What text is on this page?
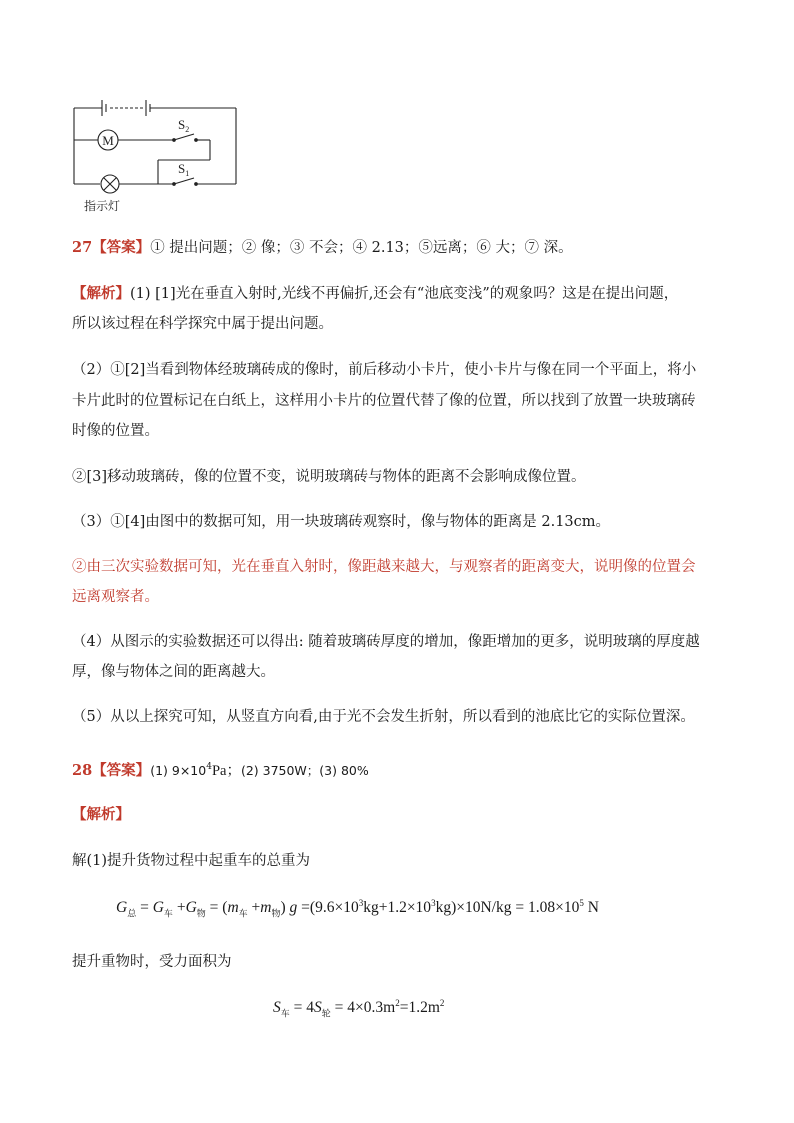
M
$S_2$
$S_1$
指示灯
27【答案】① 提出问题；② 像；③ 不会；④ 2.13；⑤远离；⑥ 大；⑦ 深。
【解析】(1) [1]光在垂直入射时,光线不再偏折,还会有“池底变浅”的观象吗？这是在提出问题，
所以该过程在科学探究中属于提出问题。
（2）①[2]当看到物体经玻璃砖成的像时，前后移动小卡片，使小卡片与像在同一个平面上，将小
卡片此时的位置标记在白纸上，这样用小卡片的位置代替了像的位置，所以找到了放置一块玻璃砖
时像的位置。
②[3]移动玻璃砖，像的位置不变，说明玻璃砖与物体的距离不会影响成像位置。
（3）①[4]由图中的数据可知，用一块玻璃砖观察时，像与物体的距离是 2.13cm。
②由三次实验数据可知，光在垂直入射时，像距越来越大，与观察者的距离变大，说明像的位置会
远离观察者。
（4）从图示的实验数据还可以得出: 随着玻璃砖厚度的增加，像距增加的更多，说明玻璃的厚度越
厚，像与物体之间的距离越大。
（5）从以上探究可知，从竖直方向看,由于光不会发生折射，所以看到的池底比它的实际位置深。
28【答案】(1) $9\times 10^4Pa$；(2) 3750W；(3) 80%
【解析】
解(1)提升货物过程中起重车的总重为
$G_总 = G_车 +G_物 = (m_车 +m_物)$ $g =(9.6\times 10^3kg+1.2\times 10^3kg)\times 10N/kg = 1.08\times 10^5$ N
提升重物时，受力面积为
$S_车 = 4S_轮 = 4\times 0.3m^2=1.2m^2$
